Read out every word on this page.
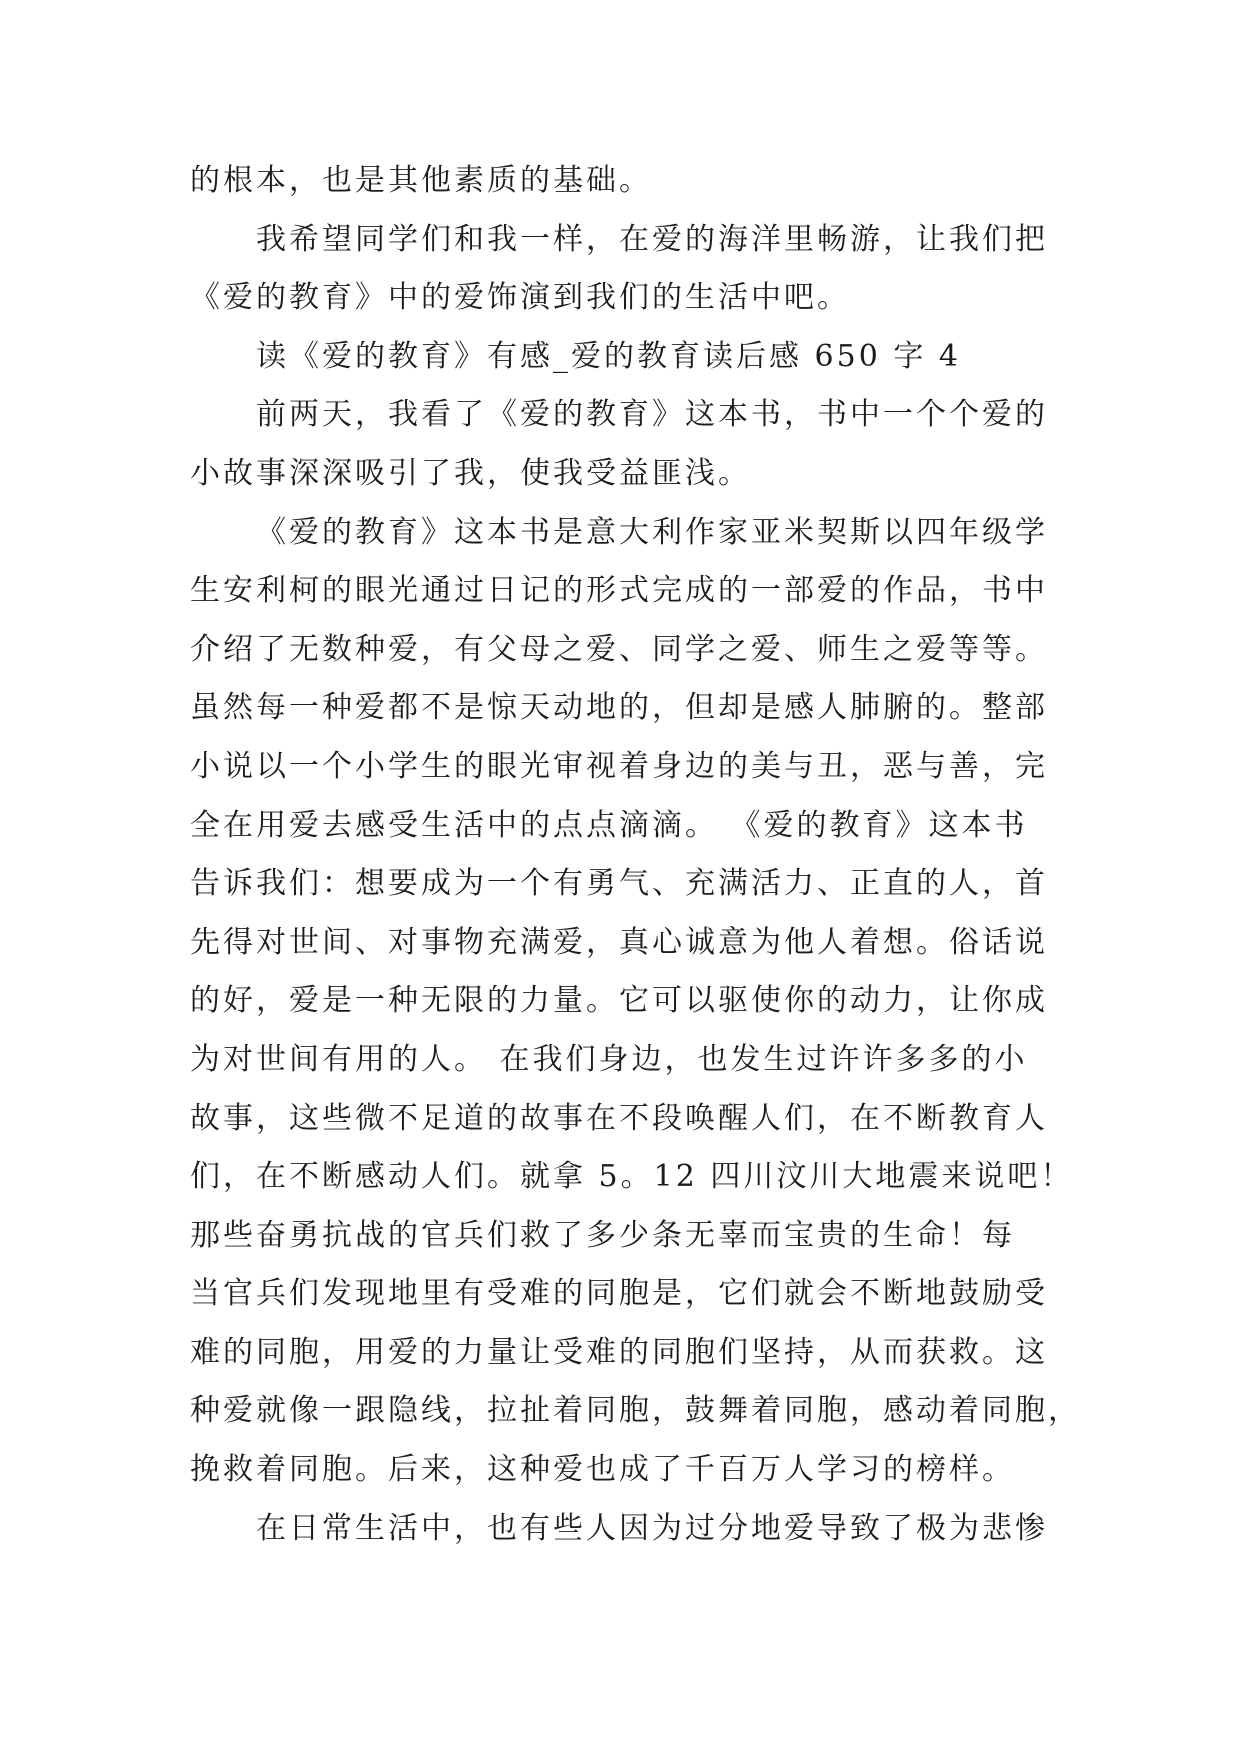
的根本，也是其他素质的基础。
我希望同学们和我一样，在爱的海洋里畅游，让我们把
《爱的教育》中的爱饰演到我们的生活中吧。
读《爱的教育》有感_爱的教育读后感 650 字 4
前两天，我看了《爱的教育》这本书，书中一个个爱的
小故事深深吸引了我，使我受益匪浅。
《爱的教育》这本书是意大利作家亚米契斯以四年级学
生安利柯的眼光通过日记的形式完成的一部爱的作品，书中
介绍了无数种爱，有父母之爱、同学之爱、师生之爱等等。
虽然每一种爱都不是惊天动地的，但却是感人肺腑的。整部
小说以一个小学生的眼光审视着身边的美与丑，恶与善，完
全在用爱去感受生活中的点点滴滴。 《爱的教育》这本书
告诉我们：想要成为一个有勇气、充满活力、正直的人，首
先得对世间、对事物充满爱，真心诚意为他人着想。俗话说
的好，爱是一种无限的力量。它可以驱使你的动力，让你成
为对世间有用的人。 在我们身边，也发生过许许多多的小
故事，这些微不足道的故事在不段唤醒人们，在不断教育人
们，在不断感动人们。就拿 5。12 四川汶川大地震来说吧！
那些奋勇抗战的官兵们救了多少条无辜而宝贵的生命！每
当官兵们发现地里有受难的同胞是，它们就会不断地鼓励受
难的同胞，用爱的力量让受难的同胞们坚持，从而获救。这
种爱就像一跟隐线，拉扯着同胞，鼓舞着同胞，感动着同胞，
挽救着同胞。后来，这种爱也成了千百万人学习的榜样。
在日常生活中，也有些人因为过分地爱导致了极为悲惨
